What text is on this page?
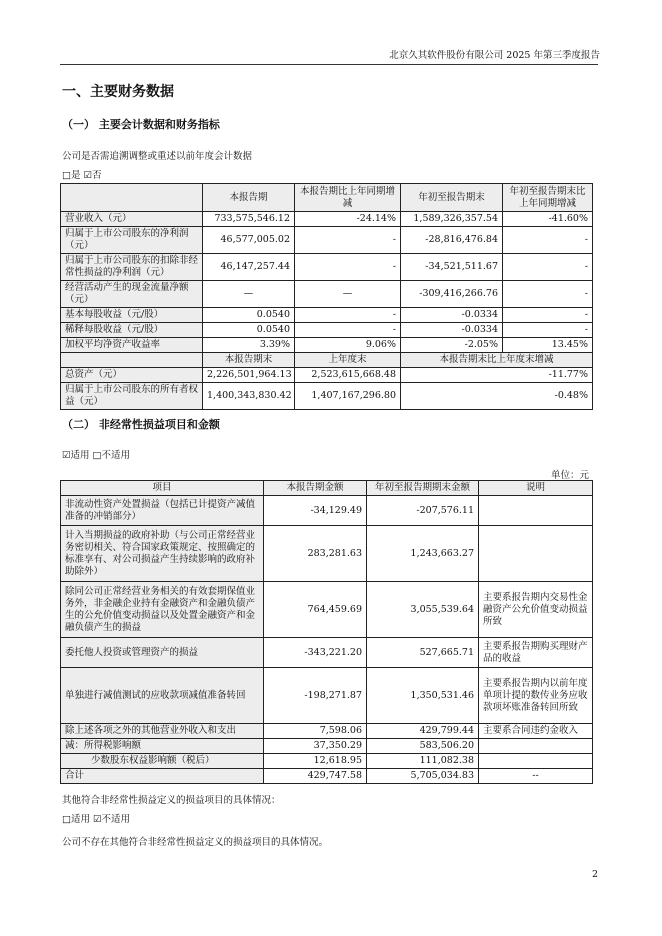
北京久其软件股份有限公司 2025 年第三季度报告
一、主要财务数据
（一） 主要会计数据和财务指标
公司是否需追溯调整或重述以前年度会计数据
□是 ☑否
	本报告期	本报告期比上年同期增减	年初至报告期末	年初至报告期末比上年同期增减
营业收入（元）	733,575,546.12	-24.14%	1,589,326,357.54	-41.60%
归属于上市公司股东的净利润（元）	46,577,005.02	-	-28,816,476.84	-
归属于上市公司股东的扣除非经常性损益的净利润（元）	46,147,257.44	-	-34,521,511.67	-
经营活动产生的现金流量净额（元）	—	—	-309,416,266.76	-
基本每股收益（元/股）	0.0540	-	-0.0334	-
稀释每股收益（元/股）	0.0540	-	-0.0334	-
加权平均净资产收益率	3.39%	9.06%	-2.05%	13.45%
	本报告期末	上年度末	本报告期末比上年度末增减	
总资产（元）	2,226,501,964.13	2,523,615,668.48	-11.77%	
归属于上市公司股东的所有者权益（元）	1,400,343,830.42	1,407,167,296.80	-0.48%	
（二） 非经常性损益项目和金额
☑适用 □不适用
单位：元
项目	本报告期金额	年初至报告期期末金额	说明
非流动性资产处置损益（包括已计提资产减值准备的冲销部分）	-34,129.49	-207,576.11	
计入当期损益的政府补助（与公司正常经营业务密切相关、符合国家政策规定、按照确定的标准享有、对公司损益产生持续影响的政府补助除外）	283,281.63	1,243,663.27	
除同公司正常经营业务相关的有效套期保值业务外，非金融企业持有金融资产和金融负债产生的公允价值变动损益以及处置金融资产和金融负债产生的损益	764,459.69	3,055,539.64	主要系报告期内交易性金融资产公允价值变动损益所致
委托他人投资或管理资产的损益	-343,221.20	527,665.71	主要系报告期购买理财产品的收益
单独进行减值测试的应收款项减值准备转回	-198,271.87	1,350,531.46	主要系报告期内以前年度单项计提的数传业务应收款项坏账准备转回所致
除上述各项之外的其他营业外收入和支出	7,598.06	429,799.44	主要系合同违约金收入
减：所得税影响额	37,350.29	583,506.20	
少数股东权益影响额（税后）	12,618.95	111,082.38	
合计	429,747.58	5,705,034.83	--
其他符合非经常性损益定义的损益项目的具体情况：
□适用 ☑不适用
公司不存在其他符合非经常性损益定义的损益项目的具体情况。
2
